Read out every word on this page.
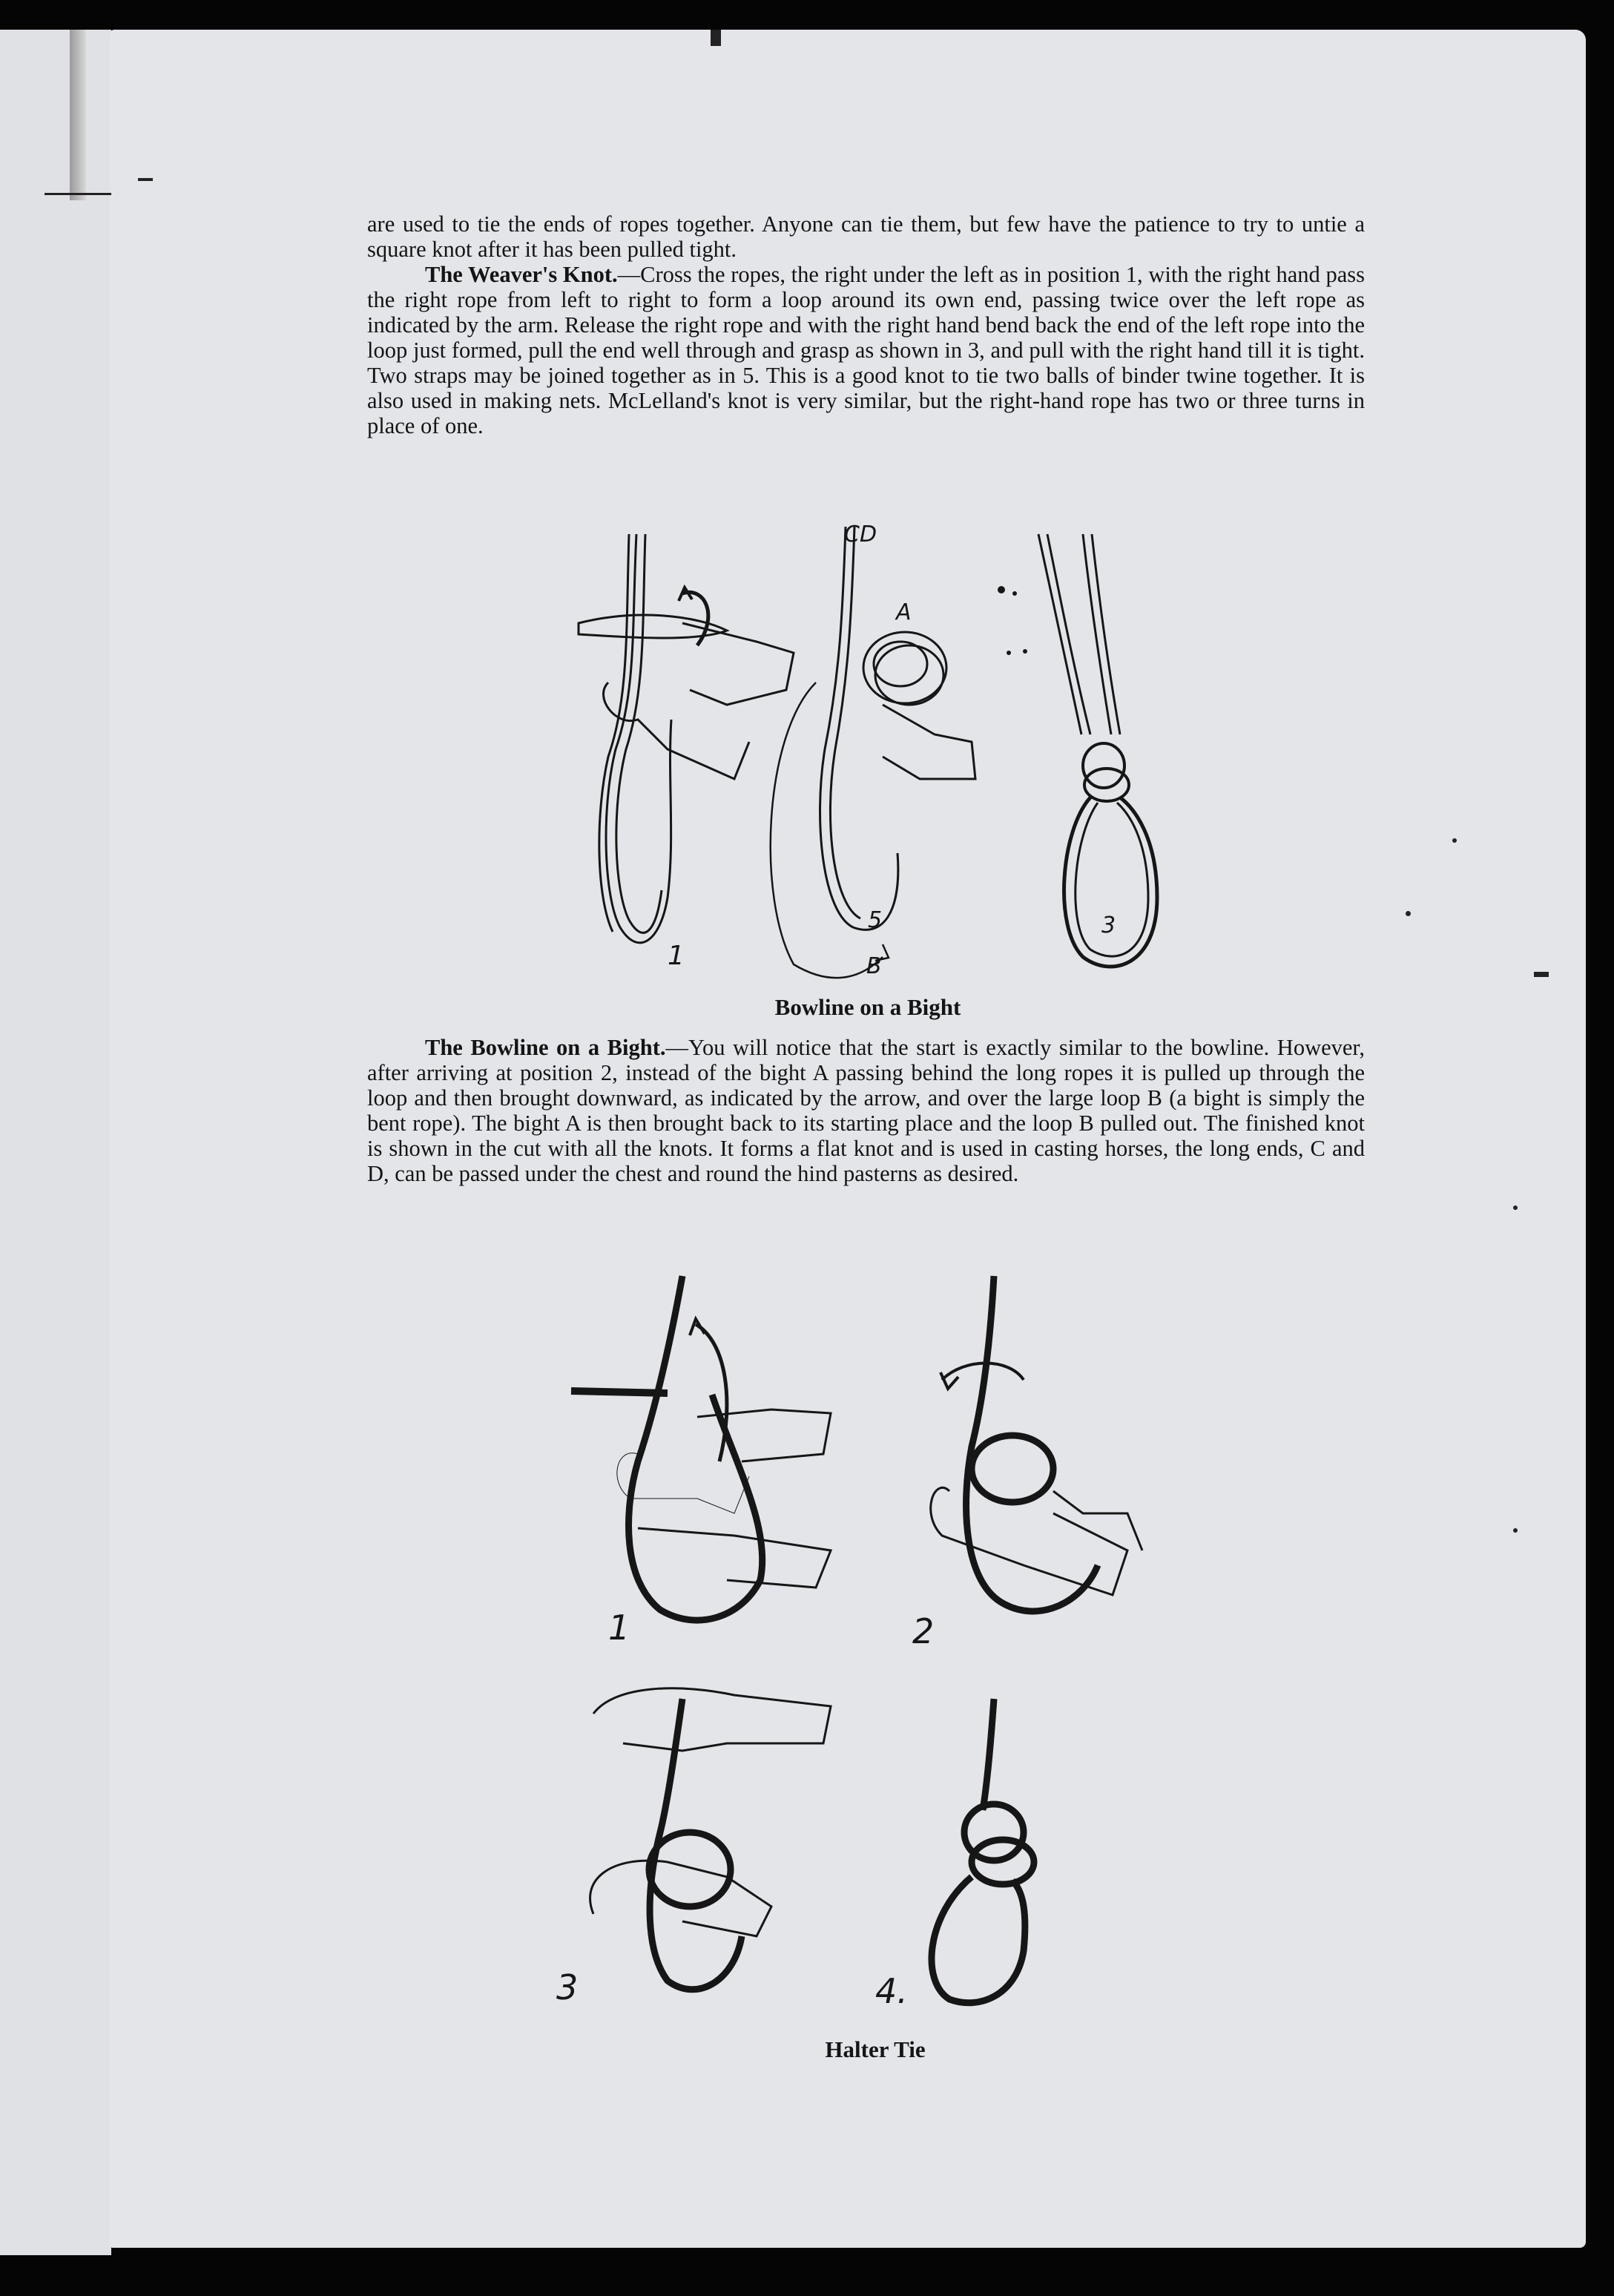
are used to tie the ends of ropes together. Anyone can tie them, but few have the patience to try to untie a square knot after it has been pulled tight.

The Weaver's Knot.—Cross the ropes, the right under the left as in position 1, with the right hand pass the right rope from left to right to form a loop around its own end, passing twice over the left rope as indicated by the arm. Release the right rope and with the right hand bend back the end of the left rope into the loop just formed, pull the end well through and grasp as shown in 3, and pull with the right hand till it is tight. Two straps may be joined together as in 5. This is a good knot to tie two balls of binder twine together. It is also used in making nets. McLelland's knot is very similar, but the right-hand rope has two or three turns in place of one.

1
CD
A
5
B
3
Bowline on a Bight

The Bowline on a Bight.—You will notice that the start is exactly similar to the bowline. However, after arriving at position 2, instead of the bight A passing behind the long ropes it is pulled up through the loop and then brought downward, as indicated by the arrow, and over the large loop B (a bight is simply the bent rope). The bight A is then brought back to its starting place and the loop B pulled out. The finished knot is shown in the cut with all the knots. It forms a flat knot and is used in casting horses, the long ends, C and D, can be passed under the chest and round the hind pasterns as desired.

1	2
3	4.
Halter Tie
